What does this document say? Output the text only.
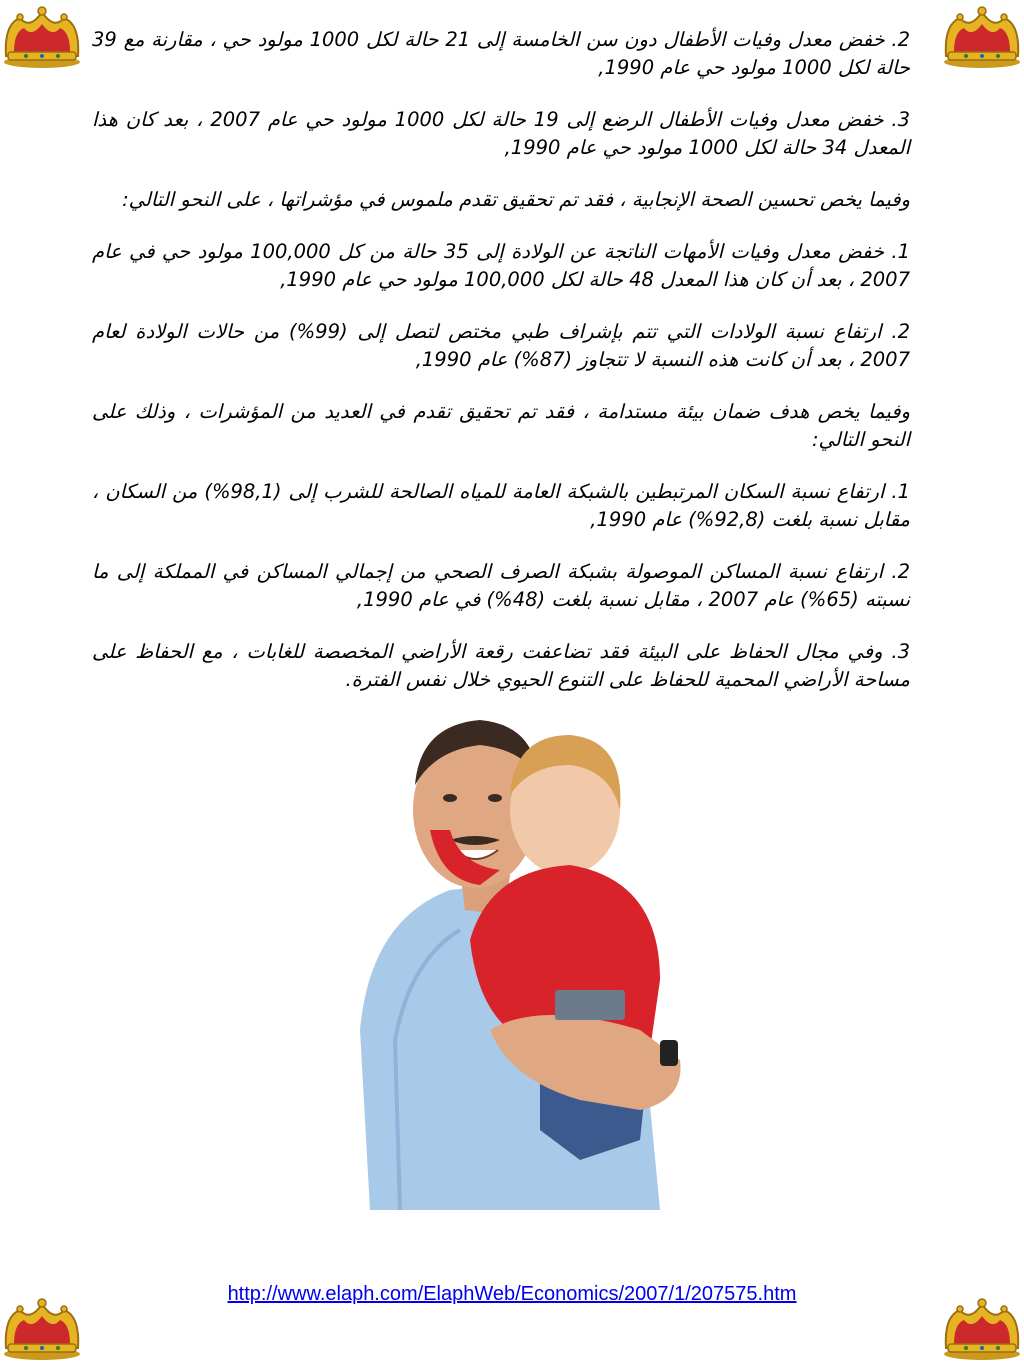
2. خفض معدل وفيات الأطفال دون سن الخامسة إلى 21 حالة لكل 1000 مولود حي ، مقارنة مع 39 حالة لكل 1000 مولود حي عام 1990,

3. خفض معدل وفيات الأطفال الرضع إلى 19 حالة لكل 1000 مولود حي عام 2007 ، بعد كان هذا المعدل 34 حالة لكل 1000 مولود حي عام 1990,

وفيما يخص تحسين الصحة الإنجابية ، فقد تم تحقيق تقدم ملموس في مؤشراتها ، على النحو التالي:

1. خفض معدل وفيات الأمهات الناتجة عن الولادة إلى 35 حالة من كل 100,000 مولود حي في عام 2007 ، بعد أن كان هذا المعدل 48 حالة لكل 100,000 مولود حي عام 1990,

2. ارتفاع نسبة الولادات التي تتم بإشراف طبي مختص لتصل إلى (99%) من حالات الولادة لعام 2007 ، بعد أن كانت هذه النسبة لا تتجاوز (87%) عام 1990,

وفيما يخص هدف ضمان بيئة مستدامة ، فقد تم تحقيق تقدم في العديد من المؤشرات ، وذلك على النحو التالي:

1. ارتفاع نسبة السكان المرتبطين بالشبكة العامة للمياه الصالحة للشرب إلى (98,1%) من السكان ، مقابل نسبة بلغت (92,8%) عام 1990,

2. ارتفاع نسبة المساكن الموصولة بشبكة الصرف الصحي من إجمالي المساكن في المملكة إلى ما نسبته (65%) عام 2007 ، مقابل نسبة بلغت (48%) في عام 1990,

3. وفي مجال الحفاظ على البيئة فقد تضاعفت رقعة الأراضي المخصصة للغابات ، مع الحفاظ على مساحة الأراضي المحمية للحفاظ على التنوع الحيوي خلال نفس الفترة.

http://www.elaph.com/ElaphWeb/Economics/2007/1/207575.htm
